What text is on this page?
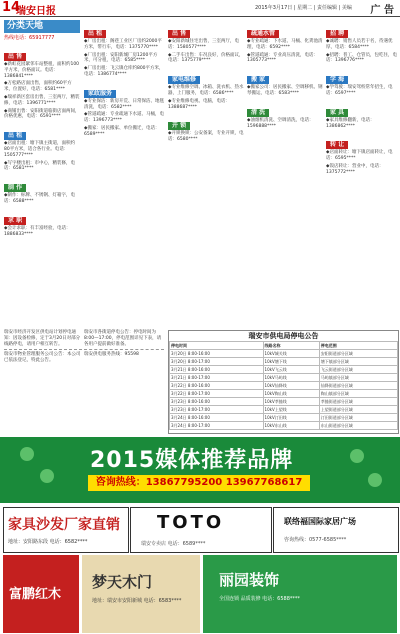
14
瑞安日报	2015年3月17日 | 星期二 | 责任编辑 | 美编 广 告
分类天地
热线电话：65917777
出 售
◆新虹花园紧邻车站整租，面积约100平方米，价格面议。电话：1386841****
◆万松路店面出售，面积约60平方米，位置好，电话：6581****
◆瑞祥新区套房出售，三室两厅，精装修，电话：1396771****
◆商铺出售：安阳街道临街店面两间，价格优惠，电话：6591****
出 租
◆店面出租：塘下镇主街道，面积约80平方米，适合各行业。电话：1505777****
◆写字楼出租：市中心，精装修，电话：6581****
制 作
◆制作：标牌、不锈钢、灯箱字，电话：6588****
求 职
◆会计求职：有丰富经验，电话：1886833****
出 租
◆厂房出租：阁巷工业区厂房约2000平方米，带行车，电话：1375770****
◆厂房出租：安阳新城厂房1200平方米，可分租，电话：6585****
◆厂房出租：飞云镇仓库约800平方米，电话：1386774****
家政服务
◆专业保洁：新房开荒、日常保洁、地毯清洗，电话：6582****
◆管道疏通：专业疏通下水道、马桶，电话：1396773****
◆搬家：居民搬家、单位搬迁，电话：6589****
出 售
◆安阳新城住宅出售，三室两厅，电话：1580577****
◆二手车出售：车况良好，价格面议，电话：1375779****
家电维修
◆专业维修空调、冰箱、洗衣机、热水器，上门服务，电话：6586****
◆专业维修电视、电脑，电话：1388687****
开 锁
◆开锁换锁：公安备案，专业开锁，电话：6580****
疏通水管
◆专业疏通：下水道、马桶、化粪池清理，电话：6592****
◆管道疏通：专业高压清洗，电话：1305773****
搬 家
◆搬家公司：居民搬家、空调移机、钢琴搬运，电话：6583****
清 洗
◆油烟机清洗、空调清洗，电话：1596888****
招 聘
◆诚聘：销售人员若干名，待遇优厚，电话：6584****
◆招聘：普工、仓管员，包吃住，电话：1396776****
学 海
◆学驾驶：瑞安驾校常年招生，电话：6597****
家 具
◆家具维修翻新，电话：1386862****
转 让
◆店面转让：塘下镇店面转让，电话：6595****
◆饭店转让：营业中，电话：1375772****
瑞安市经济开发区供电站计划停电通知：因设备检修，定于3月20日对部分线路停电，请用户相互转告。
瑞安市物业管理服务公司公告：本公司已依法登记，特此公告。
瑞安市各街道停电公告：停电时间为8:00—17:00，停电范围详见下表，请各用户提前做好准备。
瑞安供电服务热线：95598
瑞安市供电局停电公告
停电时间	线路名称	停电范围
3月20日 8:00-16:00	10kV城关线	安阳街道部分区域
3月20日 8:00-17:00	10kV塘下线	塘下镇部分区域
3月21日 8:00-16:00	10kV飞云线	飞云街道部分区域
3月21日 8:00-17:00	10kV马屿线	马屿镇部分区域
3月22日 8:00-16:00	10kV仙降线	仙降街道部分区域
3月22日 8:00-17:00	10kV陶山线	陶山镇部分区域
3月23日 8:00-16:00	10kV莘塍线	莘塍街道部分区域
3月23日 8:00-17:00	10kV上望线	上望街道部分区域
3月24日 8:00-16:00	10kV汀田线	汀田街道部分区域
3月24日 8:00-17:00	10kV东山线	东山街道部分区域
2015媒体推荐品牌
咨询热线：13867795200 13967768617
家具沙发厂家直销
地址：安阳路东段 电话：6582****
TOTO
瑞安专卖店 电话：6589****
联络福国际家居广场
咨询热线：0577-6585****
富鹏红木
梦天木门
地址：瑞安市安阳新城 电话：6583****
丽园装饰
全国连锁 品质装修 电话：6588****
